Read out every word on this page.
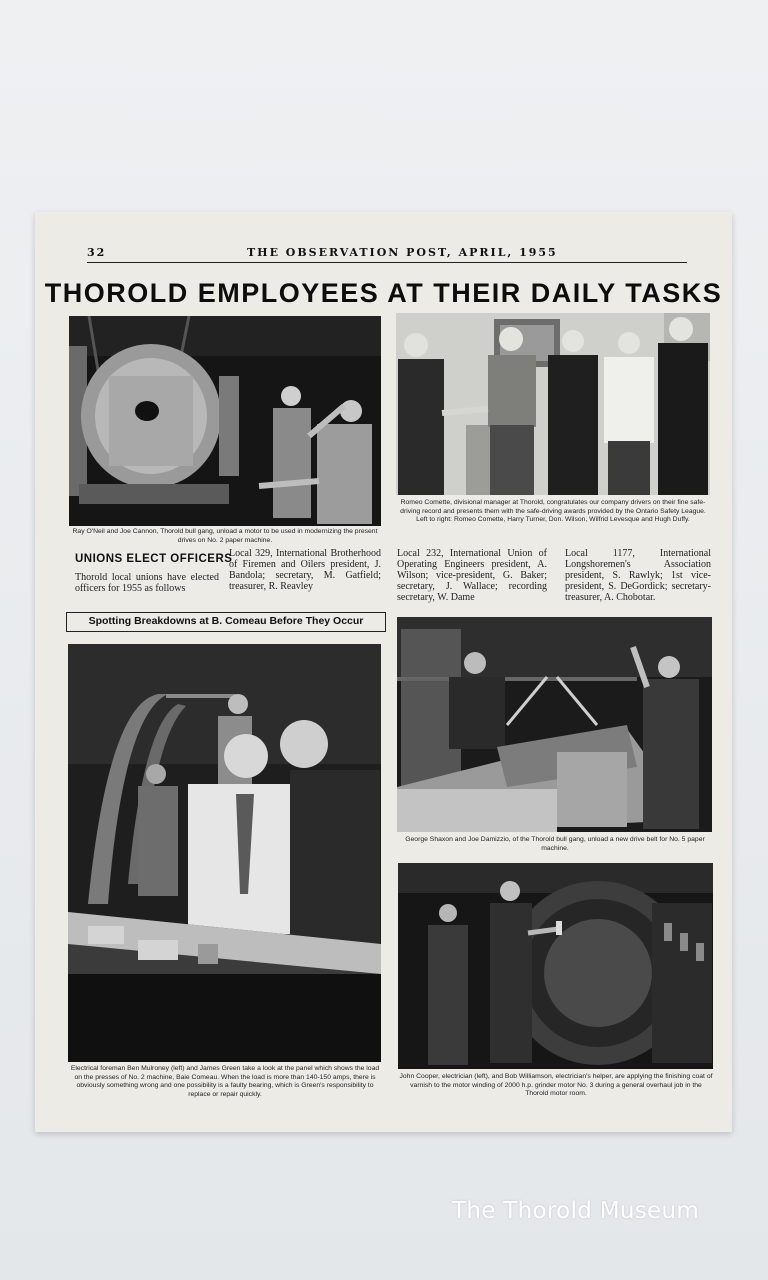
32	THE OBSERVATION POST, APRIL, 1955
THOROLD EMPLOYEES AT THEIR DAILY TASKS
Ray O'Neil and Joe Cannon, Thorold bull gang, unload a motor to be used in modernizing the present drives on No. 2 paper machine.
Romeo Comette, divisional manager at Thorold, congratulates our company drivers on their fine safe-driving record and presents them with the safe-driving awards provided by the Ontario Safety League. Left to right: Romeo Comette, Harry Turner, Don. Wilson, Wilfrid Levesque and Hugh Duffy.
UNIONS ELECT OFFICERS
Thorold local unions have elected officers for 1955 as follows
Local 329, International Brotherhood of Firemen and Oilers president, J. Bandola; secretary, M. Gatfield; treasurer, R. Reavley
Local 232, International Union of Operating Engineers president, A. Wilson; vice-president, G. Baker; secretary, J. Wallace; recording secretary, W. Dame
Local 1177, International Longshoremen's Association president, S. Rawlyk; 1st vice-president, S. DeGordick; secretary-treasurer, A. Chobotar.
Spotting Breakdowns at B. Comeau Before They Occur
Electrical foreman Ben Mulroney (left) and James Green take a look at the panel which shows the load on the presses of No. 2 machine, Baie Comeau. When the load is more than 140-150 amps, there is obviously something wrong and one possibility is a faulty bearing, which is Green's responsibility to replace or repair quickly.
George Shaxon and Joe Damizzio, of the Thorold bull gang, unload a new drive belt for No. 5 paper machine.
John Cooper, electrician (left), and Bob Williamson, electrician's helper, are applying the finishing coat of varnish to the motor winding of 2000 h.p. grinder motor No. 3 during a general overhaul job in the Thorold motor room.
The Thorold Museum
